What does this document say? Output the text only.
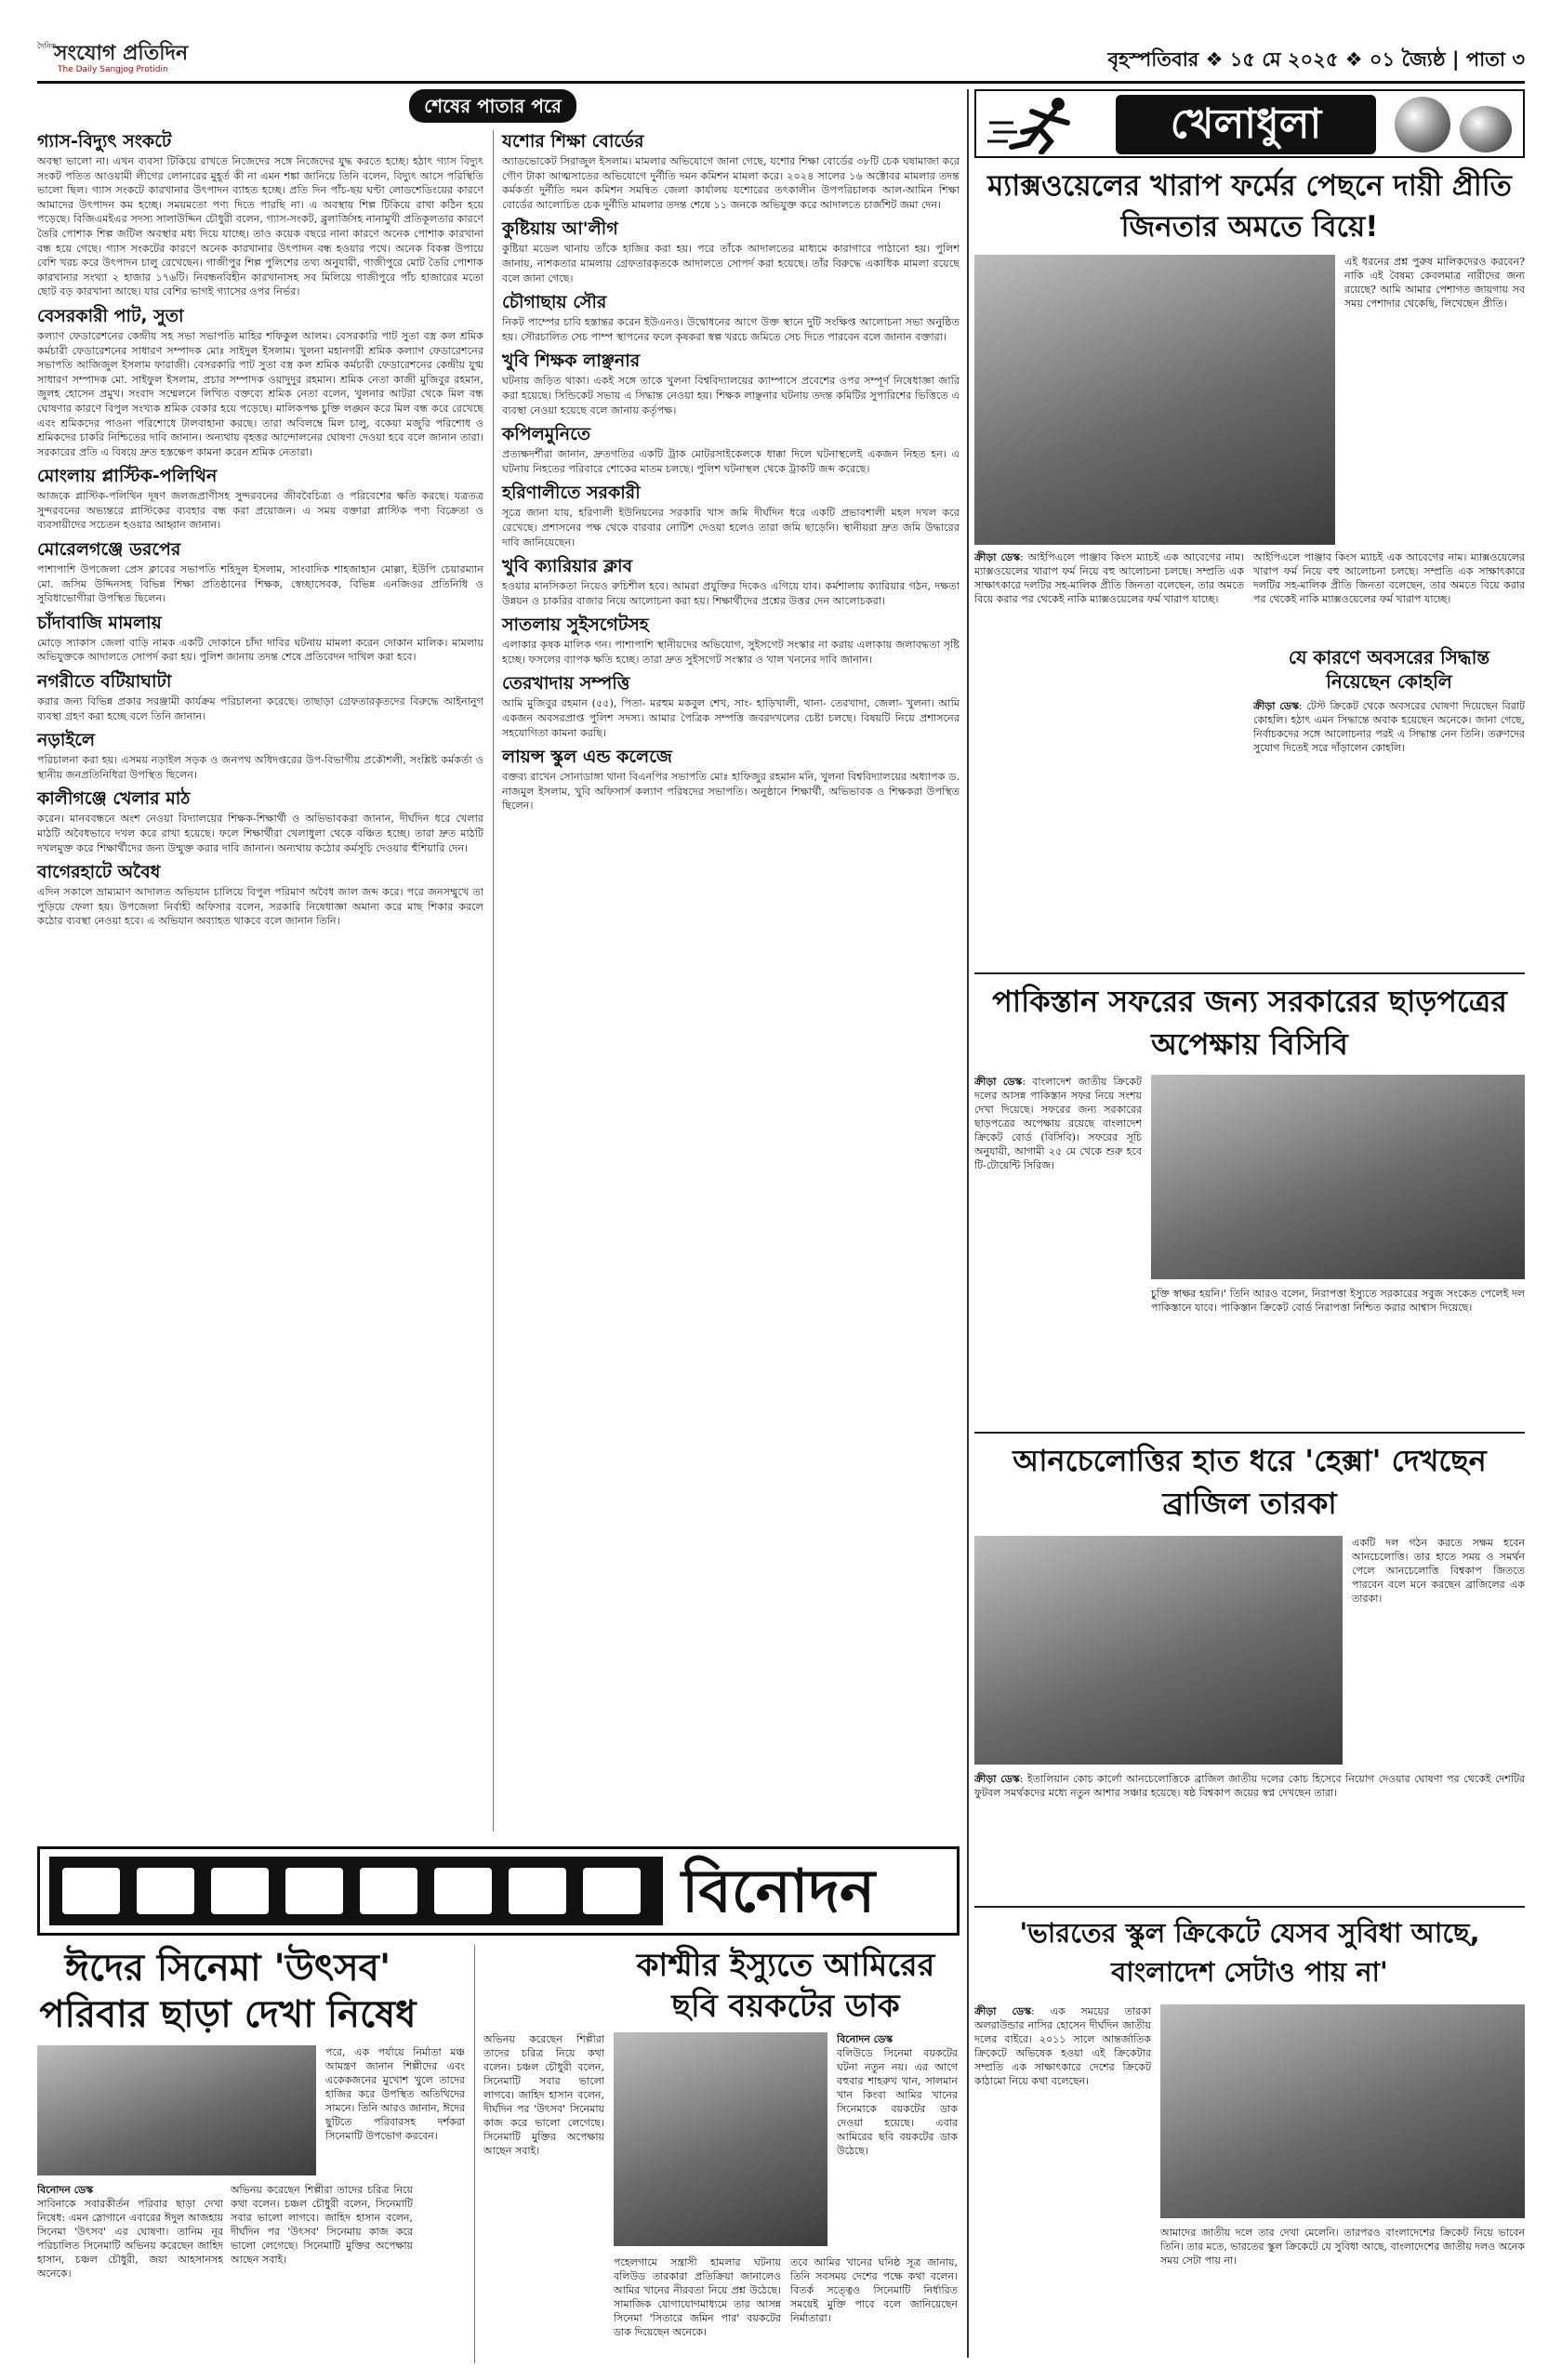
দৈনিক
সংযোগ প্রতিদিন
The Daily Sangjog Protidin	বৃহস্পতিবার ❖ ১৫ মে ২০২৫ ❖ ০১ জ্যৈষ্ঠ | পাতা ৩
শেষের পাতার পরে
গ্যাস-বিদ্যুৎ সংকটে

অবস্থা ভালো না। এখন ব্যবসা টিকিয়ে রাখতে নিজেদের সঙ্গে নিজেদের যুদ্ধ করতে হচ্ছে। হঠাৎ গ্যাস বিদ্যুৎ সংকট পতিত আওয়ামী লীগের লোনারের মুহূর্ত কী না এমন শঙ্কা জানিয়ে তিনি বলেন, বিদ্যুৎ আসে পরিস্থিতি ভালো ছিল। গ্যাস সংকটে কারখানার উৎপাদন ব্যাহত হচ্ছে। প্রতি দিন পাঁচ-ছয় ঘণ্টা লোডশেডিংয়ের কারণে আমাদের উৎপাদন কম হচ্ছে। সময়মতো পণ্য দিতে পারছি না। এ অবস্থায় শিল্প টিকিয়ে রাখা কঠিন হয়ে পড়েছে। বিজিএমইএর সদস্য সালাউদ্দিন চৌধুরী বলেন, গ্যাস-সংকট, ব্লুলার্জিসহ নানামুখী প্রতিকূলতার কারণে তৈরি পোশাক শিল্প জটিল অবস্থার মধ্য দিয়ে যাচ্ছে। তাও কয়েক বছরে নানা কারণে অনেক পোশাক কারখানা বন্ধ হয়ে গেছে। গ্যাস সংকটের কারণে অনেক কারখানার উৎপাদন বন্ধ হওয়ার পথে। অনেক বিকল্প উপায়ে বেশি খরচ করে উৎপাদন চালু রেখেছেন। গাজীপুর শিল্প পুলিশের তথ্য অনুযায়ী, গাজীপুরে মোট তৈরি পোশাক কারখানার সংখ্যা ২ হাজার ১৭৬টি। নিবন্ধনবিহীন কারখানাসহ সব মিলিয়ে গাজীপুরে পাঁচ হাজারের মতো ছোট বড় কারখানা আছে। যার বেশির ভাগই গ্যাসের ওপর নির্ভর।

বেসরকারী পাট, সুতা

কল্যাণ ফেডারেশনের কেন্দ্রীয় সহ সভা সভাপতি মাহির শফিকুল আলম। বেসরকারি পাট সুতা বস্ত্র কল শ্রমিক কর্মচারী ফেডারেশনের সাধারণ সম্পাদক মোঃ সাইদুল ইসলাম। খুলনা মহানগরী শ্রমিক কল্যাণ ফেডারেশনের সভাপতি আজিজুল ইসলাম ফারাজী। বেসরকারি পাট সুতা বস্ত্র কল শ্রমিক কর্মচারী ফেডারেশনের কেন্দ্রীয় যুগ্ম সাধারণ সম্পাদক মো. সাইফুল ইসলাম, প্রচার সম্পাদক ওয়াদুদুর রহমান। শ্রমিক নেতা কাজী মুজিবুর রহমান, জুলহ হোসেন প্রমুখ। সংবাদ সম্মেলনে লিখিত বক্তব্যে শ্রমিক নেতা বলেন, খুলনার আটরা থেকে মিল বন্ধ ঘোষণার কারণে বিপুল সংখ্যক শ্রমিক বেকার হয়ে পড়েছে। মালিকপক্ষ চুক্তি লঙ্ঘন করে মিল বন্ধ করে রেখেছে এবং শ্রমিকদের পাওনা পরিশোধে টালবাহানা করছে। তারা অবিলম্বে মিল চালু, বকেয়া মজুরি পরিশোধ ও শ্রমিকদের চাকরি নিশ্চিতের দাবি জানান। অন্যথায় বৃহত্তর আন্দোলনের ঘোষণা দেওয়া হবে বলে জানান তারা। সরকারের প্রতি এ বিষয়ে দ্রুত হস্তক্ষেপ কামনা করেন শ্রমিক নেতারা।

মোংলায় প্লাস্টিক-পলিথিন

আজকে প্লাস্টিক-পলিথিন দূষণ জলজপ্রাণীসহ সুন্দরবনের জীববৈচিত্র্য ও পরিবেশের ক্ষতি করছে। যত্রতত্র সুন্দরবনের অভ্যন্তরে প্লাস্টিকের ব্যবহার বন্ধ করা প্রয়োজন। এ সময় বক্তারা প্লাস্টিক পণ্য বিক্রেতা ও ব্যবসায়ীদের সচেতন হওয়ার আহ্বান জানান।

মোরেলগঞ্জে ডরপের

পাশাপাশি উপজেলা প্রেস ক্লাবের সভাপতি শহিদুল ইসলাম, সাংবাদিক শাহজাহান মোল্লা, ইউপি চেয়ারম্যান মো. জসিম উদ্দিনসহ বিভিন্ন শিক্ষা প্রতিষ্ঠানের শিক্ষক, স্বেচ্ছাসেবক, বিভিন্ন এনজিওর প্রতিনিধি ও সুবিধাভোগীরা উপস্থিত ছিলেন।

চাঁদাবাজি মামলায়

মোড়ে স্যাকাস জেলা বাড়ি নামক একটি দোকানে চাঁদা দাবির ঘটনায় মামলা করেন দোকান মালিক। মামলায় অভিযুক্তকে আদালতে সোপর্দ করা হয়। পুলিশ জানায় তদন্ত শেষে প্রতিবেদন দাখিল করা হবে।

নগরীতে বটিয়াঘাটা

করার জন্য বিভিন্ন প্রকার সরঞ্জামী কার্যক্রম পরিচালনা করেছে। তাছাড়া গ্রেফতারকৃতদের বিরুদ্ধে আইনানুগ ব্যবস্থা গ্রহণ করা হচ্ছে বলে তিনি জানান।

নড়াইলে

পরিচালনা করা হয়। এসময় নড়াইল সড়ক ও জনপথ অধিদপ্তরের উপ-বিভাগীয় প্রকৌশলী, সংশ্লিষ্ট কর্মকর্তা ও স্থানীয় জনপ্রতিনিধিরা উপস্থিত ছিলেন।

কালীগঞ্জে খেলার মাঠ

করেন। মানববন্ধনে অংশ নেওয়া বিদ্যালয়ের শিক্ষক-শিক্ষার্থী ও অভিভাবকরা জানান, দীর্ঘদিন ধরে খেলার মাঠটি অবৈধভাবে দখল করে রাখা হয়েছে। ফলে শিক্ষার্থীরা খেলাধুলা থেকে বঞ্চিত হচ্ছে। তারা দ্রুত মাঠটি দখলমুক্ত করে শিক্ষার্থীদের জন্য উন্মুক্ত করার দাবি জানান। অন্যথায় কঠোর কর্মসূচি দেওয়ার হুঁশিয়ারি দেন।

বাগেরহাটে অবৈধ

এদিন সকালে ভ্রাম্যমাণ আদালত অভিযান চালিয়ে বিপুল পরিমাণ অবৈধ জাল জব্দ করে। পরে জনসম্মুখে তা পুড়িয়ে ফেলা হয়। উপজেলা নির্বাহী অফিসার বলেন, সরকারি নিষেধাজ্ঞা অমান্য করে মাছ শিকার করলে কঠোর ব্যবস্থা নেওয়া হবে। এ অভিযান অব্যাহত থাকবে বলে জানান তিনি।

যশোর শিক্ষা বোর্ডের

অ্যাডভোকেট সিরাজুল ইসলাম। মামলার অভিযোগে জানা গেছে, যশোর শিক্ষা বোর্ডের ৩৮টি চেক ঘষামাজা করে গৌণ টাকা আত্মসাতের অভিযোগে দুর্নীতি দমন কমিশন মামলা করে। ২০২৪ সালের ১৬ অক্টোবর মামলার তদন্ত কর্মকর্তা দুর্নীতি দমন কমিশন সমন্বিত জেলা কার্যালয় যশোরের তৎকালীন উপপরিচালক আল-আমিন শিক্ষা বোর্ডের আলোচিত চেক দুর্নীতি মামলার তদন্ত শেষে ১১ জনকে অভিযুক্ত করে আদালতে চার্জশিট জমা দেন।

কুষ্টিয়ায় আ'লীগ

কুষ্টিয়া মডেল থানায় তাঁকে হাজির করা হয়। পরে তাঁকে আদালতের মাধ্যমে কারাগারে পাঠানো হয়। পুলিশ জানায়, নাশকতার মামলায় গ্রেফতারকৃতকে আদালতে সোপর্দ করা হয়েছে। তাঁর বিরুদ্ধে একাধিক মামলা রয়েছে বলে জানা গেছে।

চৌগাছায় সৌর

নিকট পাম্পের চাবি হস্তান্তর করেন ইউএনও। উদ্বোধনের আগে উক্ত স্থানে দুটি সংক্ষিপ্ত আলোচনা সভা অনুষ্ঠিত হয়। সৌরচালিত সেচ পাম্প স্থাপনের ফলে কৃষকরা স্বল্প খরচে জমিতে সেচ দিতে পারবেন বলে জানান বক্তারা।

খুবি শিক্ষক লাঞ্ছনার

ঘটনায় জড়িত থাকা। একই সঙ্গে তাকে খুলনা বিশ্ববিদ্যালয়ের ক্যাম্পাসে প্রবেশের ওপর সম্পূর্ণ নিষেধাজ্ঞা জারি করা হয়েছে। সিন্ডিকেট সভায় এ সিদ্ধান্ত নেওয়া হয়। শিক্ষক লাঞ্ছনার ঘটনায় তদন্ত কমিটির সুপারিশের ভিত্তিতে এ ব্যবস্থা নেওয়া হয়েছে বলে জানায় কর্তৃপক্ষ।

কপিলমুনিতে

প্রত্যক্ষদর্শীরা জানান, দ্রুতগতির একটি ট্রাক মোটরসাইকেলকে ধাক্কা দিলে ঘটনাস্থলেই একজন নিহত হন। এ ঘটনায় নিহতের পরিবারে শোকের মাতম চলছে। পুলিশ ঘটনাস্থল থেকে ট্রাকটি জব্দ করেছে।

হরিণালীতে সরকারী

সূত্রে জানা যায়, হরিণালী ইউনিয়নের সরকারি খাস জমি দীর্ঘদিন ধরে একটি প্রভাবশালী মহল দখল করে রেখেছে। প্রশাসনের পক্ষ থেকে বারবার নোটিশ দেওয়া হলেও তারা জমি ছাড়েনি। স্থানীয়রা দ্রুত জমি উদ্ধারের দাবি জানিয়েছেন।

খুবি ক্যারিয়ার ক্লাব

হওয়ার মানসিকতা নিয়েও রুচিশীল হবে। আমরা প্রযুক্তির দিকেও এগিয়ে যাব। কর্মশালায় ক্যারিয়ার গঠন, দক্ষতা উন্নয়ন ও চাকরির বাজার নিয়ে আলোচনা করা হয়। শিক্ষার্থীদের প্রশ্নের উত্তর দেন আলোচকরা।

সাতলায় সুইসগেটসহ

এলাকার কৃষক মালিক গন। পাশাপাশি স্থানীয়দের অভিযোগ, সুইসগেট সংস্কার না করায় এলাকায় জলাবদ্ধতা সৃষ্টি হচ্ছে। ফসলের ব্যাপক ক্ষতি হচ্ছে। তারা দ্রুত সুইসগেট সংস্কার ও খাল খননের দাবি জানান।

তেরখাদায় সম্পত্তি

আমি মুজিবুর রহমান (৫৫), পিতা- মরহুম মকবুল শেখ, সাং- হাড়িখালী, থানা- তেরখাদা, জেলা- খুলনা। আমি একজন অবসরপ্রাপ্ত পুলিশ সদস্য। আমার পৈত্রিক সম্পত্তি জবরদখলের চেষ্টা চলছে। বিষয়টি নিয়ে প্রশাসনের সহযোগিতা কামনা করছি।

লায়ন্স স্কুল এন্ড কলেজে

বক্তব্য রাখেন সোনাডাঙ্গা থানা বিএনপির সভাপতি মোঃ হাফিজুর রহমান মনি, খুলনা বিশ্ববিদ্যালয়ের অধ্যাপক ড. নাজমুল ইসলাম, খুবি অফিসার্স কল্যাণ পরিষদের সভাপতি। অনুষ্ঠানে শিক্ষার্থী, অভিভাবক ও শিক্ষকরা উপস্থিত ছিলেন।

বিনোদন
ঈদের সিনেমা 'উৎসব' পরিবার ছাড়া দেখা নিষেধ
বিনোদন ডেস্ক
সাবিনাকে সবারকীর্তন পরিবার ছাড়া দেখা নিষেধ: এমন স্লোগানে এবারের ঈদুল আজহায় সিনেমা 'উৎসব' এর ঘোষণা। তানিম নূর পরিচালিত সিনেমাটি অভিনয় করেছেন জাহিদ হাসান, চঞ্চল চৌধুরী, জয়া আহসানসহ অনেকে।
অভিনয় করেছেন শিল্পীরা তাদের চরিত্র নিয়ে কথা বলেন। চঞ্চল চৌধুরী বলেন, সিনেমাটি সবার ভালো লাগবে। জাহিদ হাসান বলেন, দীর্ঘদিন পর 'উৎসব' সিনেমায় কাজ করে ভালো লেগেছে। সিনেমাটি মুক্তির অপেক্ষায় আছেন সবাই।
পরে, এক পর্যায়ে নির্মাতা মঞ্চ আমন্ত্রণ জানান শিল্পীদের এবং একেকজনের মুখোশ খুলে তাদের হাজির করে উপস্থিত অতিথিদের সামনে। তিনি আরও জানান, ঈদের ছুটিতে পরিবারসহ দর্শকরা সিনেমাটি উপভোগ করবেন।
কাশ্মীর ইস্যুতে আমিরের ছবি বয়কটের ডাক
বিনোদন ডেস্ক
বলিউডে সিনেমা বয়কটের ঘটনা নতুন নয়। এর আগে বহুবার শাহরুখ খান, সালমান খান কিংবা আমির খানের সিনেমাকে বয়কটের ডাক দেওয়া হয়েছে। এবার আমিরের ছবি বয়কটের ডাক উঠেছে।
পহেলগামে সন্ত্রাসী হামলার ঘটনায় বলিউড তারকারা প্রতিক্রিয়া জানালেও আমির খানের নীরবতা নিয়ে প্রশ্ন উঠেছে। সামাজিক যোগাযোগমাধ্যমে তার আসন্ন সিনেমা 'সিতারে জমিন পার' বয়কটের ডাক দিয়েছেন অনেকে।
তবে আমির খানের ঘনিষ্ঠ সূত্র জানায়, তিনি সবসময় দেশের পক্ষে কথা বলেন। বিতর্ক সত্ত্বেও সিনেমাটি নির্ধারিত সময়েই মুক্তি পাবে বলে জানিয়েছেন নির্মাতারা।
অভিনয় করেছেন শিল্পীরা তাদের চরিত্র নিয়ে কথা বলেন। চঞ্চল চৌধুরী বলেন, সিনেমাটি সবার ভালো লাগবে। জাহিদ হাসান বলেন, দীর্ঘদিন পর 'উৎসব' সিনেমায় কাজ করে ভালো লেগেছে। সিনেমাটি মুক্তির অপেক্ষায় আছেন সবাই।
খেলাধুলা
ম্যাক্সওয়েলের খারাপ ফর্মের পেছনে দায়ী প্রীতি জিনতার অমতে বিয়ে!
এই ধরনের প্রশ্ন পুরুষ মালিকদেরও করবেন? নাকি এই বৈষম্য কেবলমাত্র নারীদের জন্য রয়েছে? আমি আমার পেশাগত জায়গায় সব সময় পেশাদার থেকেছি, লিখেছেন প্রীতি।
ক্রীড়া ডেস্ক: আইপিএলে পাঞ্জাব কিংস ম্যাচই এক আবেগের নাম। ম্যাক্সওয়েলের খারাপ ফর্ম নিয়ে বহু আলোচনা চলছে। সম্প্রতি এক সাক্ষাৎকারে দলটির সহ-মালিক প্রীতি জিনতা বলেছেন, তার অমতে বিয়ে করার পর থেকেই নাকি ম্যাক্সওয়েলের ফর্ম খারাপ যাচ্ছে।
আইপিএলে পাঞ্জাব কিংস ম্যাচই এক আবেগের নাম। ম্যাক্সওয়েলের খারাপ ফর্ম নিয়ে বহু আলোচনা চলছে। সম্প্রতি এক সাক্ষাৎকারে দলটির সহ-মালিক প্রীতি জিনতা বলেছেন, তার অমতে বিয়ে করার পর থেকেই নাকি ম্যাক্সওয়েলের ফর্ম খারাপ যাচ্ছে।
যে কারণে অবসরের সিদ্ধান্ত নিয়েছেন কোহলি
ক্রীড়া ডেস্ক: টেস্ট ক্রিকেট থেকে অবসরের ঘোষণা দিয়েছেন বিরাট কোহলি। হঠাৎ এমন সিদ্ধান্তে অবাক হয়েছেন অনেকে। জানা গেছে, নির্বাচকদের সঙ্গে আলোচনার পরই এ সিদ্ধান্ত নেন তিনি। তরুণদের সুযোগ দিতেই সরে দাঁড়ালেন কোহলি।
পাকিস্তান সফরের জন্য সরকারের ছাড়পত্রের অপেক্ষায় বিসিবি
ক্রীড়া ডেস্ক: বাংলাদেশ জাতীয় ক্রিকেট দলের আসন্ন পাকিস্তান সফর নিয়ে সংশয় দেখা দিয়েছে। সফরের জন্য সরকারের ছাড়পত্রের অপেক্ষায় রয়েছে বাংলাদেশ ক্রিকেট বোর্ড (বিসিবি)। সফরের সূচি অনুযায়ী, আগামী ২৫ মে থেকে শুরু হবে টি-টোয়েন্টি সিরিজ।
চুক্তি স্বাক্ষর হয়নি।' তিনি আরও বলেন, নিরাপত্তা ইস্যুতে সরকারের সবুজ সংকেত পেলেই দল পাকিস্তানে যাবে। পাকিস্তান ক্রিকেট বোর্ড নিরাপত্তা নিশ্চিত করার আশ্বাস দিয়েছে।
আনচেলোত্তির হাত ধরে 'হেক্সা' দেখছেন ব্রাজিল তারকা
একটি দল গঠন করতে সক্ষম হবেন আনচেলোত্তি। তার হাতে সময় ও সমর্থন পেলে আনচেলোত্তি বিশ্বকাপ জিততে পারবেন বলে মনে করছেন ব্রাজিলের এক তারকা।
ক্রীড়া ডেস্ক: ইতালিয়ান কোচ কার্লো আনচেলোত্তিকে ব্রাজিল জাতীয় দলের কোচ হিসেবে নিয়োগ দেওয়ার ঘোষণা পর থেকেই দেশটির ফুটবল সমর্থকদের মধ্যে নতুন আশার সঞ্চার হয়েছে। ষষ্ঠ বিশ্বকাপ জয়ের স্বপ্ন দেখছেন তারা।
'ভারতের স্কুল ক্রিকেটে যেসব সুবিধা আছে, বাংলাদেশ সেটাও পায় না'
ক্রীড়া ডেস্ক: এক সময়ের তারকা অলরাউন্ডার নাসির হোসেন দীর্ঘদিন জাতীয় দলের বাইরে। ২০১১ সালে আন্তর্জাতিক ক্রিকেটে অভিষেক হওয়া এই ক্রিকেটার সম্প্রতি এক সাক্ষাৎকারে দেশের ক্রিকেট কাঠামো নিয়ে কথা বলেছেন।
আমাদের জাতীয় দলে তার দেখা মেলেনি। তারপরও বাংলাদেশের ক্রিকেট নিয়ে ভাবেন তিনি। তার মতে, ভারতের স্কুল ক্রিকেটে যে সুবিধা আছে, বাংলাদেশের জাতীয় দলও অনেক সময় সেটা পায় না।
